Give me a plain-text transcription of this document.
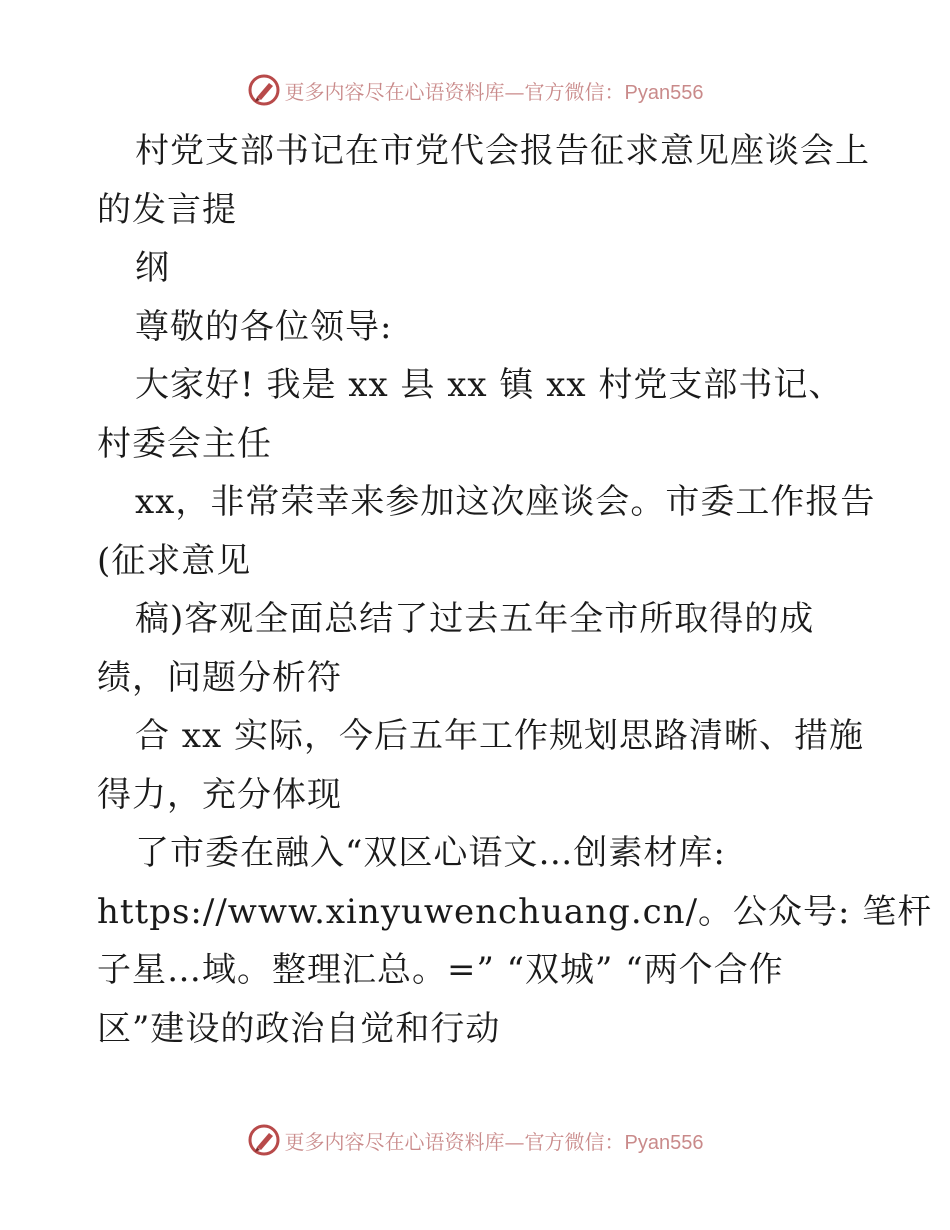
更多内容尽在心语资料库—官方微信：Pyan556
村党支部书记在市党代会报告征求意见座谈会上
的发言提
纲
尊敬的各位领导:
大家好! 我是 xx 县 xx 镇 xx 村党支部书记、
村委会主任
xx，非常荣幸来参加这次座谈会。市委工作报告
(征求意见
稿)客观全面总结了过去五年全市所取得的成
绩，问题分析符
合 xx 实际，今后五年工作规划思路清晰、措施
得力，充分体现
了市委在融入“双区心语文…创素材库:
https://www.xinyuwenchuang.cn/。公众号: 笔杆
子星…域。整理汇总。=” “双城” “两个合作
区”建设的政治自觉和行动
更多内容尽在心语资料库—官方微信：Pyan556
